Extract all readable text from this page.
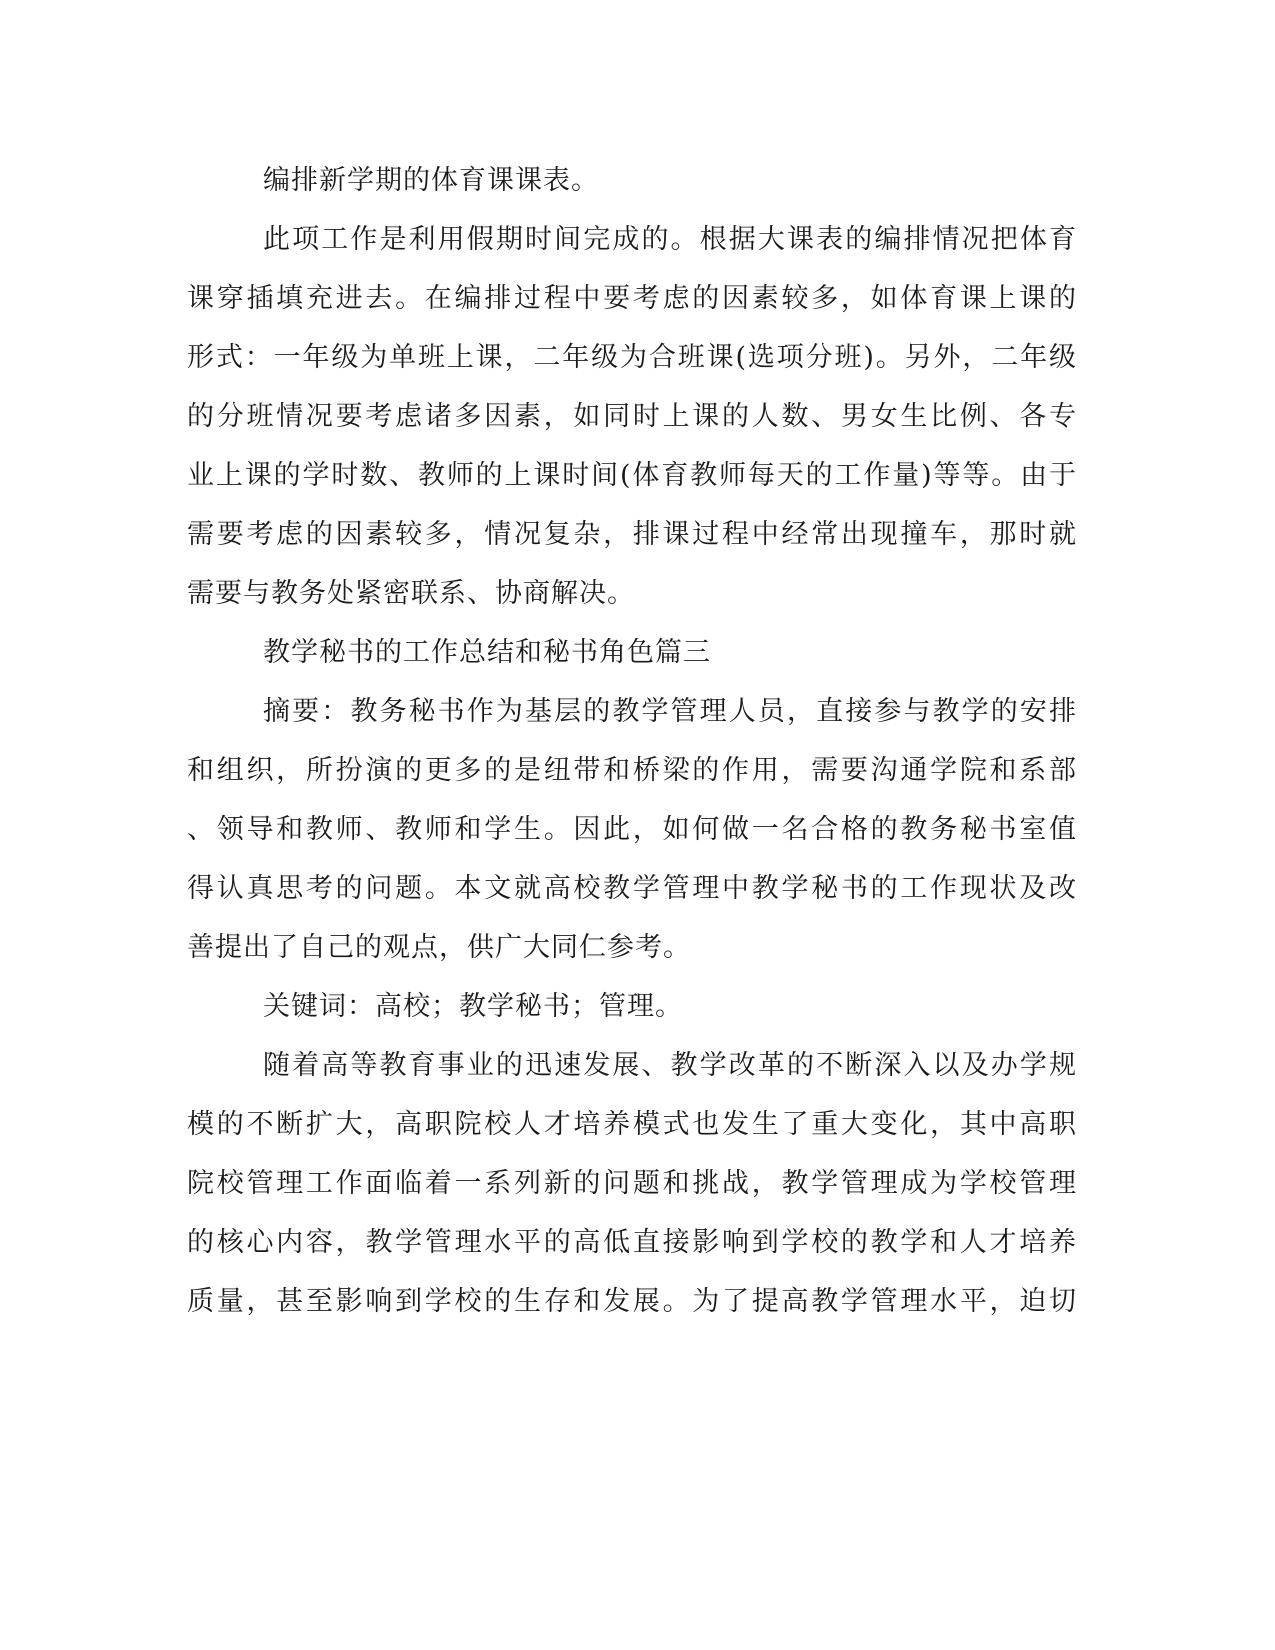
编排新学期的体育课课表。
此项工作是利用假期时间完成的。根据大课表的编排情况把体育
课穿插填充进去。在编排过程中要考虑的因素较多，如体育课上课的
形式：一年级为单班上课，二年级为合班课(选项分班)。另外，二年级
的分班情况要考虑诸多因素，如同时上课的人数、男女生比例、各专
业上课的学时数、教师的上课时间(体育教师每天的工作量)等等。由于
需要考虑的因素较多，情况复杂，排课过程中经常出现撞车，那时就
需要与教务处紧密联系、协商解决。
教学秘书的工作总结和秘书角色篇三
摘要：教务秘书作为基层的教学管理人员，直接参与教学的安排
和组织，所扮演的更多的是纽带和桥梁的作用，需要沟通学院和系部
、领导和教师、教师和学生。因此，如何做一名合格的教务秘书室值
得认真思考的问题。本文就高校教学管理中教学秘书的工作现状及改
善提出了自己的观点，供广大同仁参考。
关键词：高校；教学秘书；管理。
随着高等教育事业的迅速发展、教学改革的不断深入以及办学规
模的不断扩大，高职院校人才培养模式也发生了重大变化，其中高职
院校管理工作面临着一系列新的问题和挑战，教学管理成为学校管理
的核心内容，教学管理水平的高低直接影响到学校的教学和人才培养
质量，甚至影响到学校的生存和发展。为了提高教学管理水平，迫切
